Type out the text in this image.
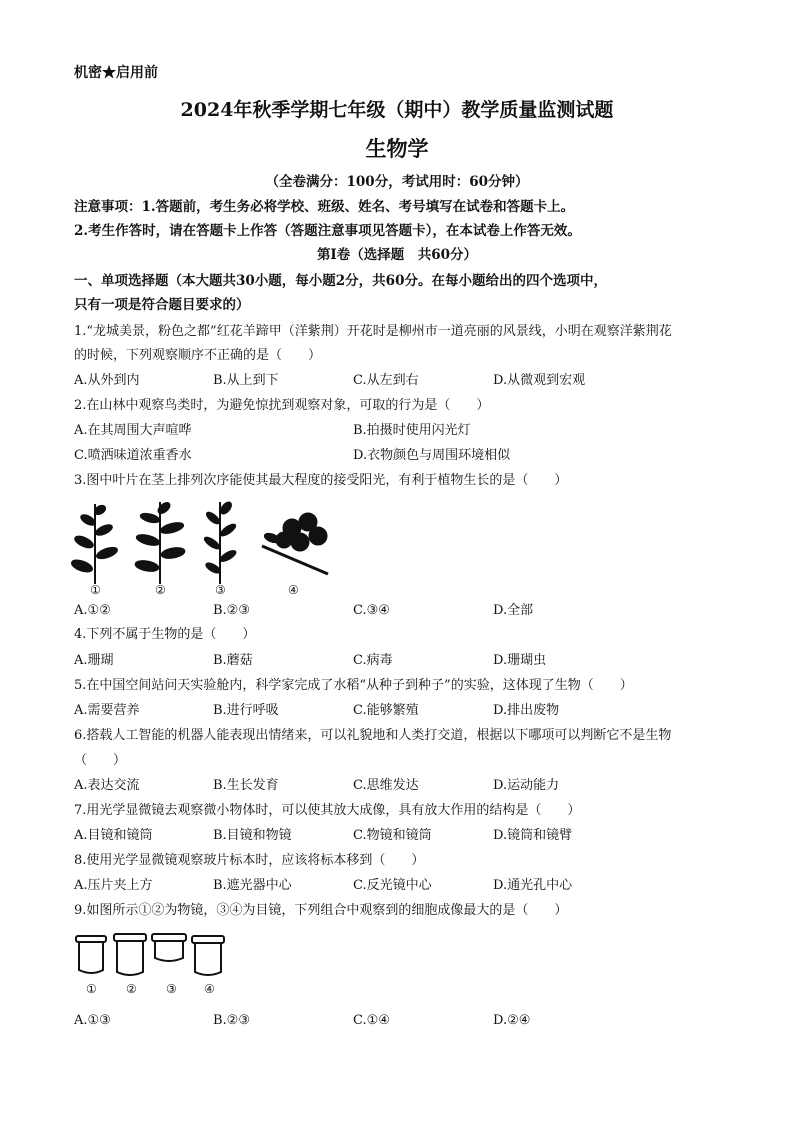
机密★启用前
2024年秋季学期七年级（期中）教学质量监测试题
生物学
（全卷满分：100分，考试用时：60分钟）
注意事项：1.答题前，考生务必将学校、班级、姓名、考号填写在试卷和答题卡上。
2.考生作答时，请在答题卡上作答（答题注意事项见答题卡），在本试卷上作答无效。
第Ⅰ卷（选择题　共60分）
一、单项选择题（本大题共30小题，每小题2分，共60分。在每小题给出的四个选项中，
只有一项是符合题目要求的）
1.“龙城美景，粉色之都”红花羊蹄甲（洋紫荆）开花时是柳州市一道亮丽的风景线，小明在观察洋紫荆花
的时候，下列观察顺序不正确的是（　　）
A.从外到内	B.从上到下	C.从左到右	D.从微观到宏观
2.在山林中观察鸟类时，为避免惊扰到观察对象，可取的行为是（　　）
A.在其周围大声喧哗	B.拍摄时使用闪光灯
C.喷洒味道浓重香水	D.衣物颜色与周围环境相似
3.图中叶片在茎上排列次序能使其最大程度的接受阳光，有利于植物生长的是（　　）
①	②	③	④
A.①②	B.②③	C.③④	D.全部
4.下列不属于生物的是（　　）
A.珊瑚	B.蘑菇	C.病毒	D.珊瑚虫
5.在中国空间站问天实验舱内，科学家完成了水稻“从种子到种子”的实验，这体现了生物（　　）
A.需要营养	B.进行呼吸	C.能够繁殖	D.排出废物
6.搭载人工智能的机器人能表现出情绪来，可以礼貌地和人类打交道，根据以下哪项可以判断它不是生物
（　　）
A.表达交流	B.生长发育	C.思维发达	D.运动能力
7.用光学显微镜去观察微小物体时，可以使其放大成像，具有放大作用的结构是（　　）
A.目镜和镜筒	B.目镜和物镜	C.物镜和镜筒	D.镜筒和镜臂
8.使用光学显微镜观察玻片标本时，应该将标本移到（　　）
A.压片夹上方	B.遮光器中心	C.反光镜中心	D.通光孔中心
9.如图所示①②为物镜，③④为目镜，下列组合中观察到的细胞成像最大的是（　　）
① ② ③ ④
A.①③	B.②③	C.①④	D.②④
